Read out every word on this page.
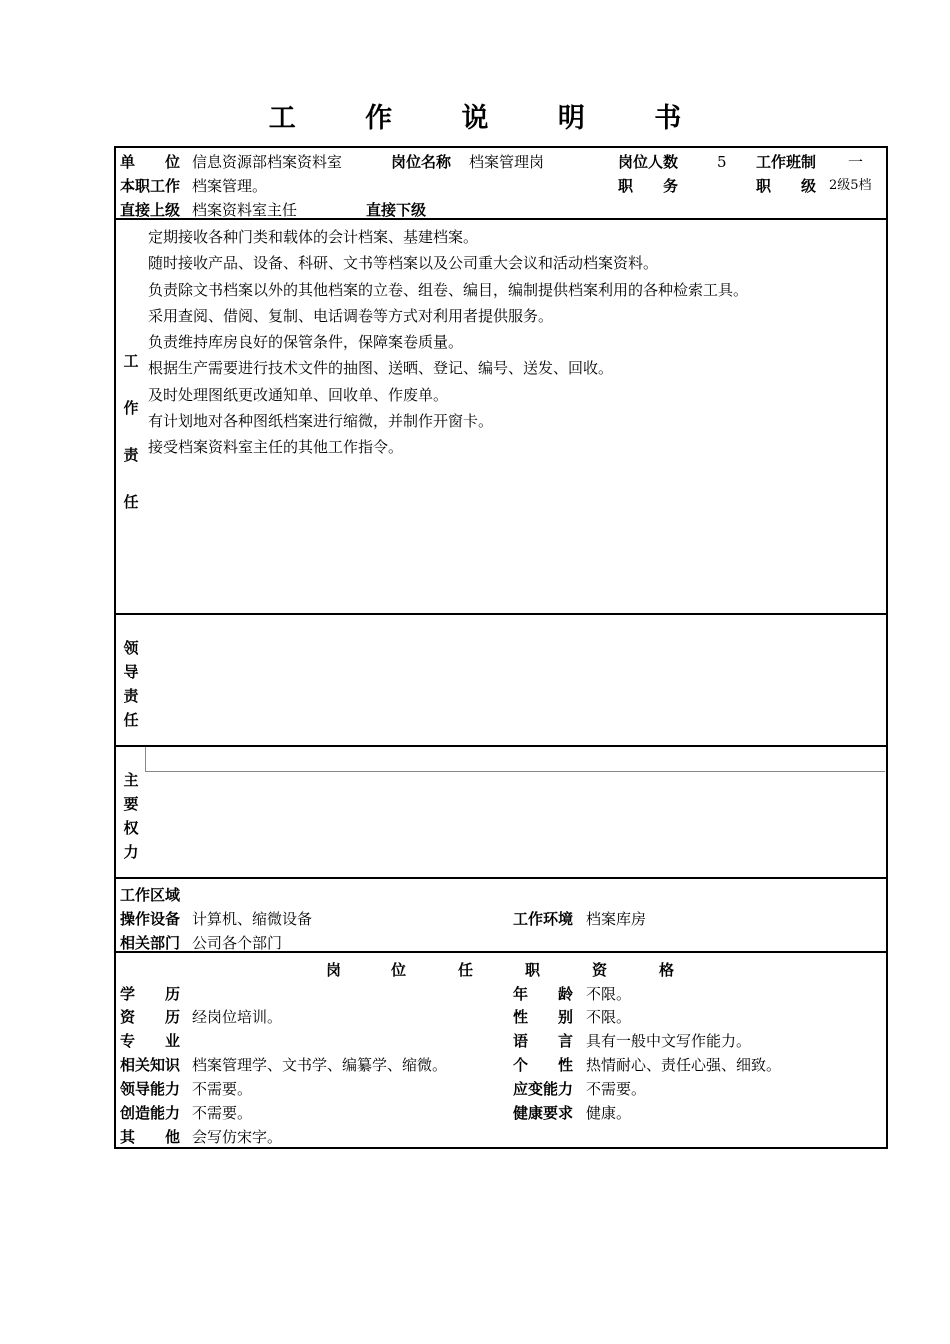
工 作 说 明 书
单　　位 信息资源部档案资料室	岗位名称 档案管理岗	岗位人数	5 工作班制 一
本职工作 档案管理。	职　　务	职　　级 2级5档
直接上级 档案资料室主任	直接下级
工
作
责
任
定期接收各种门类和载体的会计档案、基建档案。
随时接收产品、设备、科研、文书等档案以及公司重大会议和活动档案资料。
负责除文书档案以外的其他档案的立卷、组卷、编目，编制提供档案利用的各种检索工具。
采用查阅、借阅、复制、电话调卷等方式对利用者提供服务。
负责维持库房良好的保管条件，保障案卷质量。
根据生产需要进行技术文件的抽图、送晒、登记、编号、送发、回收。
及时处理图纸更改通知单、回收单、作废单。
有计划地对各种图纸档案进行缩微，并制作开窗卡。
接受档案资料室主任的其他工作指令。
领
导
责
任
主
要
权
力
工作区域
操作设备 计算机、缩微设备	工作环境 档案库房
相关部门 公司各个部门
岗	位	任	职	资	格
学　　历	年　　龄 不限。
资　　历 经岗位培训。	性　　别 不限。
专　　业	语　　言 具有一般中文写作能力。
相关知识 档案管理学、文书学、编纂学、缩微。	个　　性 热情耐心、责任心强、细致。
领导能力 不需要。	应变能力 不需要。
创造能力 不需要。	健康要求 健康。
其　　他 会写仿宋字。
